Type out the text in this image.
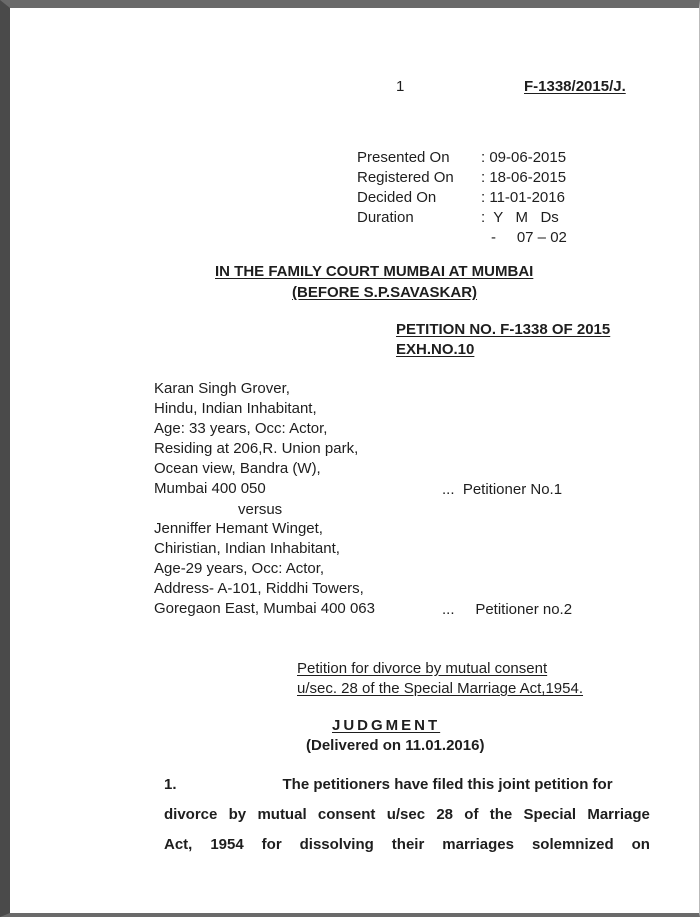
1	F-1338/2015/J.
Presented On	: 09-06-2015
Registered On	: 18-06-2015
Decided On	: 11-01-2016
Duration	:  Y   M   Ds
	-     07 – 02
IN THE FAMILY COURT MUMBAI AT MUMBAI
(BEFORE S.P.SAVASKAR)
PETITION NO. F-1338 OF 2015
EXH.NO.10
Karan Singh Grover,
Hindu, Indian Inhabitant,
Age: 33 years, Occ: Actor,
Residing at 206,R. Union park,
Ocean view, Bandra (W),
Mumbai 400 050	...  Petitioner No.1
versus
Jenniffer Hemant Winget,
Chiristian, Indian Inhabitant,
Age-29 years, Occ: Actor,
Address- A-101, Riddhi Towers,
Goregaon East, Mumbai 400 063	...     Petitioner no.2
Petition for divorce by mutual consent
u/sec. 28 of the Special Marriage Act,1954.
JUDGMENT
(Delivered on 11.01.2016)
1.	The petitioners have filed this joint petition for
divorce by mutual consent u/sec 28 of the Special Marriage
Act, 1954 for dissolving their marriages solemnized on
